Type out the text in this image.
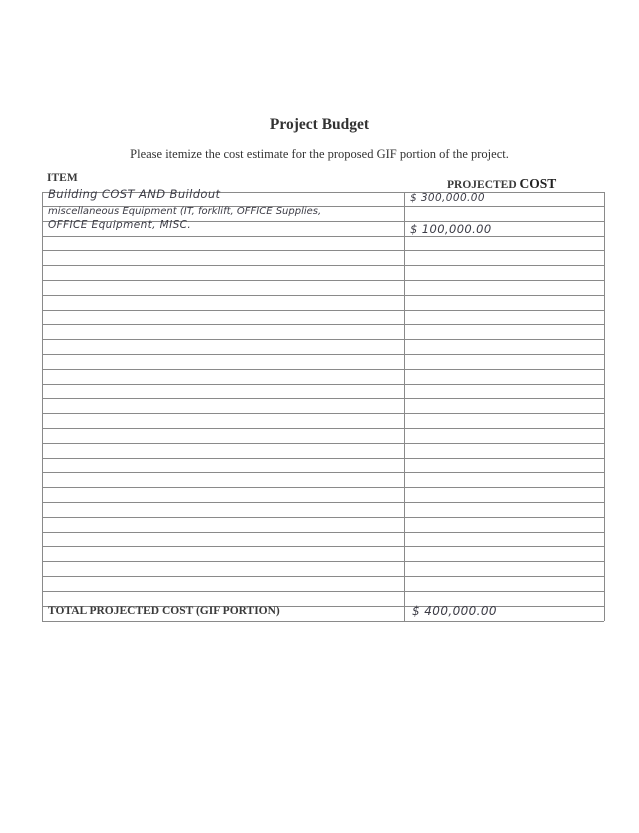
Project Budget
Please itemize the cost estimate for the proposed GIF portion of the project.
ITEM
PROJECTED COST
Building COST AND Buildout	$ 300,000.00
miscellaneous Equipment (IT, forklift, OFFICE Supplies,
OFFICE Equipment, MISC.	$ 100,000.00
TOTAL PROJECTED COST (GIF PORTION)	$ 400,000.00
